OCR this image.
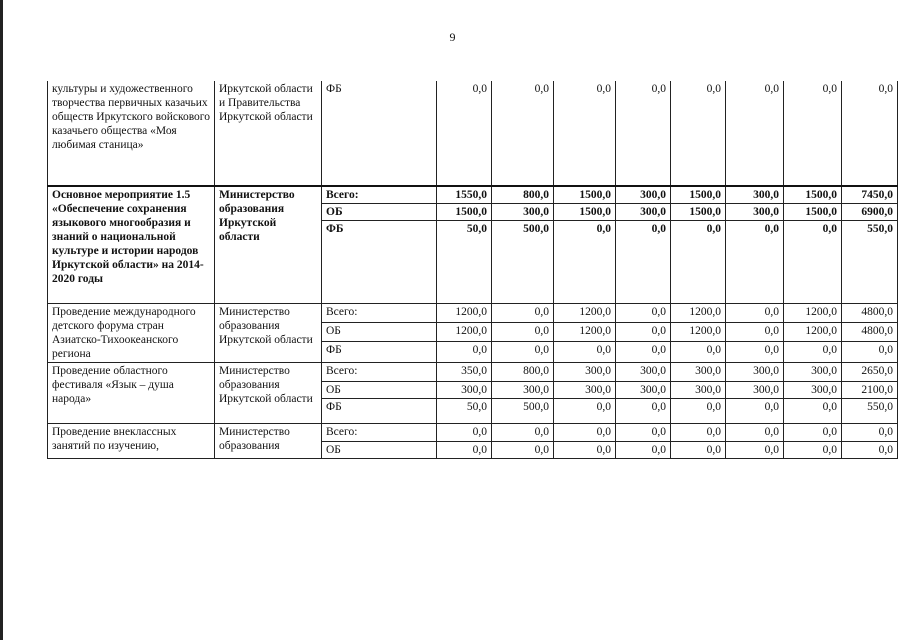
9
культуры и художественного творчества первичных казачьих обществ Иркутского войскового казачьего общества «Моя любимая станица»	Иркутской области и Правительства Иркутской области	ФБ	0,0	0,0	0,0	0,0	0,0	0,0	0,0	0,0
Основное мероприятие 1.5 «Обеспечение сохранения языкового многообразия и знаний о национальной культуре и истории народов Иркутской области» на 2014-2020 годы	Министерство образования Иркутской области	Всего:	1550,0	800,0	1500,0	300,0	1500,0	300,0	1500,0	7450,0
		ОБ	1500,0	300,0	1500,0	300,0	1500,0	300,0	1500,0	6900,0
		ФБ	50,0	500,0	0,0	0,0	0,0	0,0	0,0	550,0
Проведение международного детского форума стран Азиатско-Тихоокеанского региона	Министерство образования Иркутской области	Всего:	1200,0	0,0	1200,0	0,0	1200,0	0,0	1200,0	4800,0
		ОБ	1200,0	0,0	1200,0	0,0	1200,0	0,0	1200,0	4800,0
		ФБ	0,0	0,0	0,0	0,0	0,0	0,0	0,0	0,0
Проведение областного фестиваля «Язык – душа народа»	Министерство образования Иркутской области	Всего:	350,0	800,0	300,0	300,0	300,0	300,0	300,0	2650,0
		ОБ	300,0	300,0	300,0	300,0	300,0	300,0	300,0	2100,0
		ФБ	50,0	500,0	0,0	0,0	0,0	0,0	0,0	550,0
Проведение внеклассных занятий по изучению,	Министерство образования	Всего:	0,0	0,0	0,0	0,0	0,0	0,0	0,0	0,0
		ОБ	0,0	0,0	0,0	0,0	0,0	0,0	0,0	0,0
